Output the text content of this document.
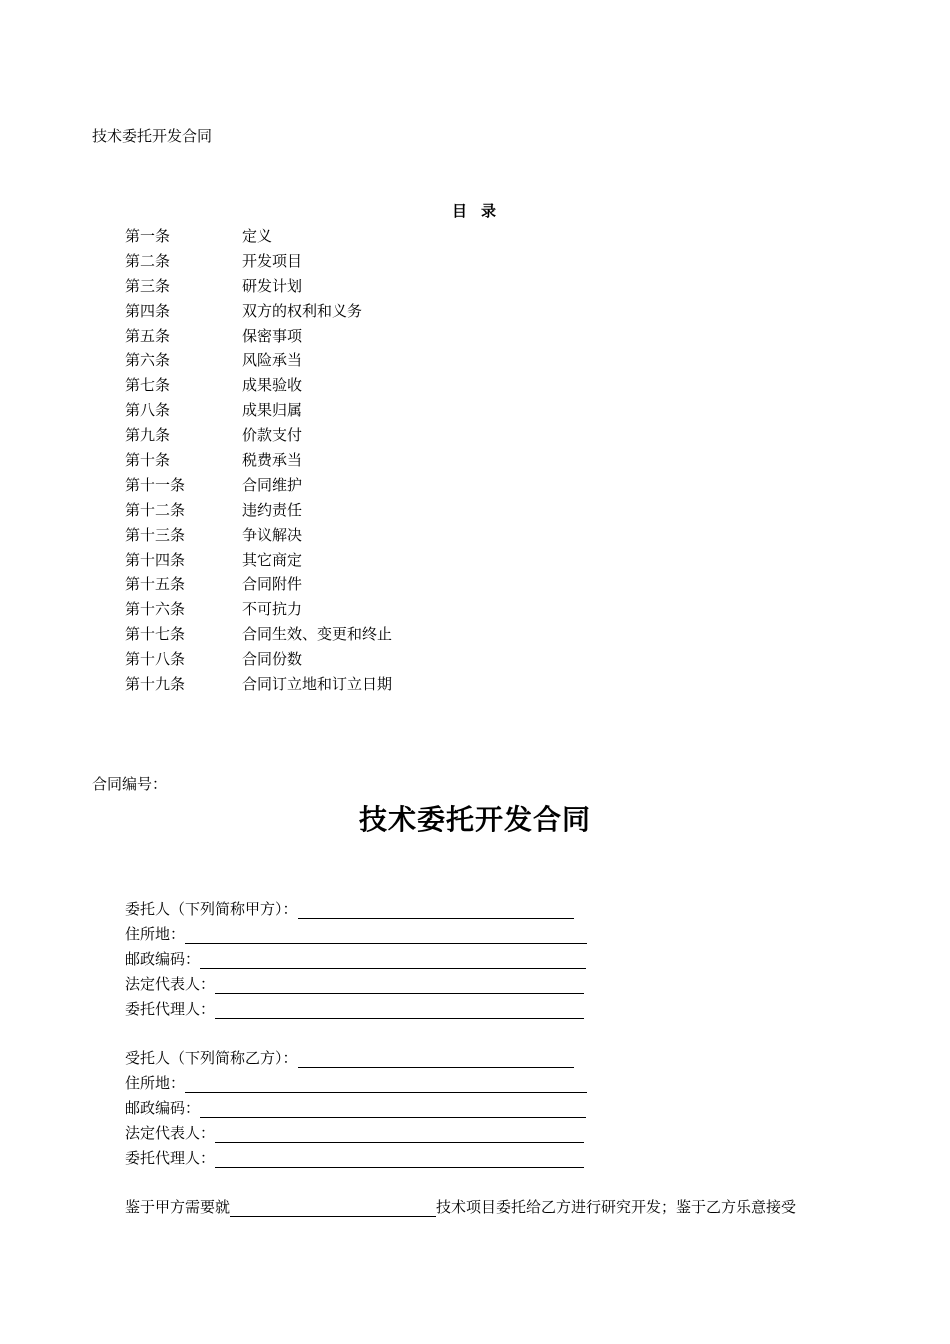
技术委托开发合同
目录
第一条	定义
第二条	开发项目
第三条	研发计划
第四条	双方的权利和义务
第五条	保密事项
第六条	风险承当
第七条	成果验收
第八条	成果归属
第九条	价款支付
第十条	税费承当
第十一条	合同维护
第十二条	违约责任
第十三条	争议解决
第十四条	其它商定
第十五条	合同附件
第十六条	不可抗力
第十七条	合同生效、变更和终止
第十八条	合同份数
第十九条	合同订立地和订立日期
合同编号：
技术委托开发合同
委托人（下列简称甲方）：
住所地：
邮政编码：
法定代表人：
委托代理人：
受托人（下列简称乙方）：
住所地：
邮政编码：
法定代表人：
委托代理人：
鉴于甲方需要就	技术项目委托给乙方进行研究开发；鉴于乙方乐意接受
